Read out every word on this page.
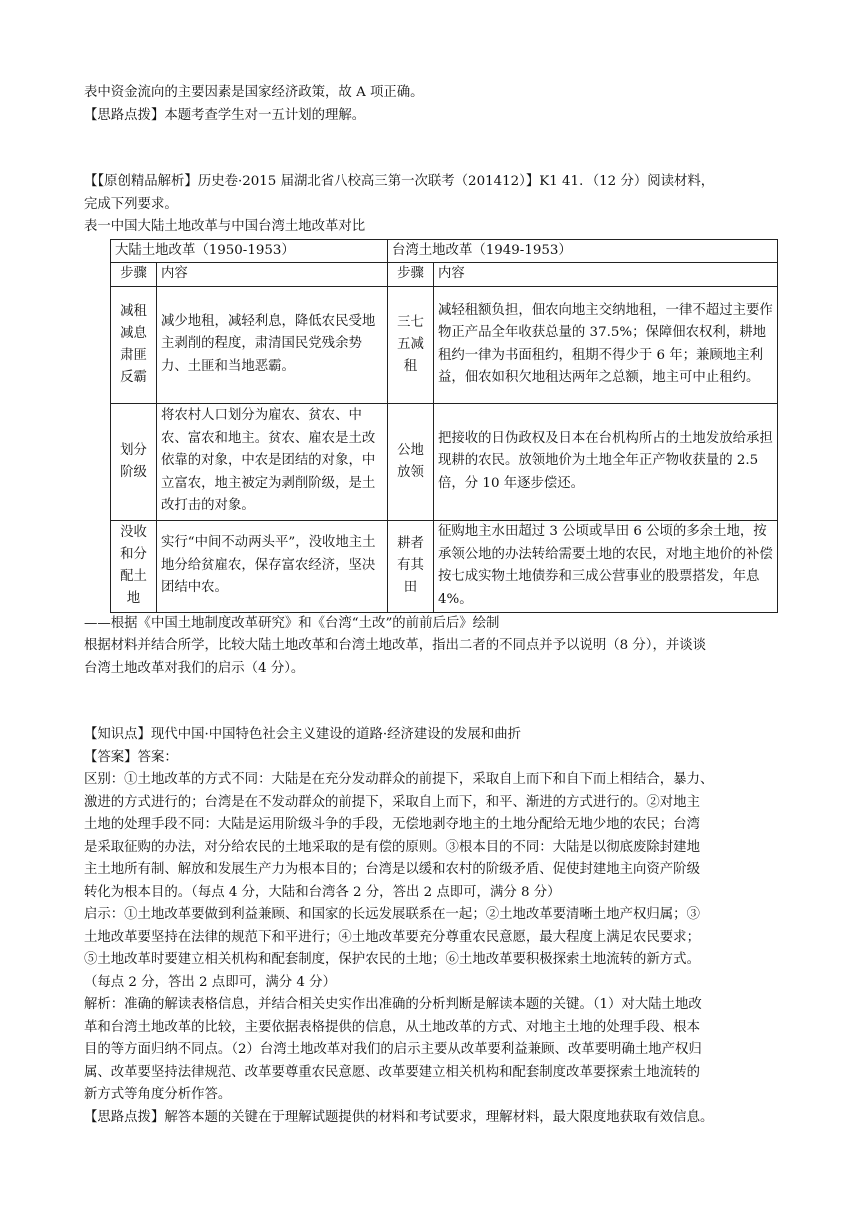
表中资金流向的主要因素是国家经济政策，故 A 项正确。

【思路点拨】本题考查学生对一五计划的理解。

【【原创精品解析】历史卷·2015 届湖北省八校高三第一次联考（201412）】K1 41．（12 分）阅读材料，

完成下列要求。

表一中国大陆土地改革与中国台湾土地改革对比

大陆土地改革（1950-1953）		台湾土地改革（1949-1953）	
步骤	内容	步骤	内容
减租减息肃匪反霸	减少地租，减轻利息，降低农民受地主剥削的程度，肃清国民党残余势力、土匪和当地恶霸。	三七五减租	减轻租额负担，佃农向地主交纳地租，一律不超过主要作物正产品全年收获总量的 37.5%；保障佃农权利，耕地租约一律为书面租约，租期不得少于 6 年；兼顾地主利益，佃农如积欠地租达两年之总额，地主可中止租约。
划分阶级	将农村人口划分为雇农、贫农、中农、富农和地主。贫农、雇农是土改依靠的对象，中农是团结的对象，中立富农，地主被定为剥削阶级，是土改打击的对象。	公地放领	把接收的日伪政权及日本在台机构所占的土地发放给承担现耕的农民。放领地价为土地全年正产物收获量的 2.5 倍，分 10 年逐步偿还。
没收和分配土地	实行“中间不动两头平”，没收地主土地分给贫雇农，保存富农经济，坚决团结中农。	耕者有其田	征购地主水田超过 3 公顷或旱田 6 公顷的多余土地，按承领公地的办法转给需要土地的农民，对地主地价的补偿按七成实物土地债券和三成公营事业的股票搭发，年息 4%。

——根据《中国土地制度改革研究》和《台湾“土改”的前前后后》绘制

根据材料并结合所学，比较大陆土地改革和台湾土地改革，指出二者的不同点并予以说明（8 分），并谈谈

台湾土地改革对我们的启示（4 分）。

【知识点】现代中国·中国特色社会主义建设的道路·经济建设的发展和曲折

【答案】答案：

区别：①土地改革的方式不同：大陆是在充分发动群众的前提下，采取自上而下和自下而上相结合，暴力、

激进的方式进行的；台湾是在不发动群众的前提下，采取自上而下，和平、渐进的方式进行的。②对地主

土地的处理手段不同：大陆是运用阶级斗争的手段，无偿地剥夺地主的土地分配给无地少地的农民；台湾

是采取征购的办法，对分给农民的土地采取的是有偿的原则。③根本目的不同：大陆是以彻底废除封建地

主土地所有制、解放和发展生产力为根本目的；台湾是以缓和农村的阶级矛盾、促使封建地主向资产阶级

转化为根本目的。（每点 4 分，大陆和台湾各 2 分，答出 2 点即可，满分 8 分）

启示：①土地改革要做到利益兼顾、和国家的长远发展联系在一起；②土地改革要清晰土地产权归属；③

土地改革要坚持在法律的规范下和平进行；④土地改革要充分尊重农民意愿，最大程度上满足农民要求；

⑤土地改革时要建立相关机构和配套制度，保护农民的土地；⑥土地改革要积极探索土地流转的新方式。

（每点 2 分，答出 2 点即可，满分 4 分）

解析：准确的解读表格信息，并结合相关史实作出准确的分析判断是解读本题的关键。（1）对大陆土地改

革和台湾土地改革的比较，主要依据表格提供的信息，从土地改革的方式、对地主土地的处理手段、根本

目的等方面归纳不同点。（2）台湾土地改革对我们的启示主要从改革要利益兼顾、改革要明确土地产权归

属、改革要坚持法律规范、改革要尊重农民意愿、改革要建立相关机构和配套制度改革要探索土地流转的

新方式等角度分析作答。

【思路点拨】解答本题的关键在于理解试题提供的材料和考试要求，理解材料，最大限度地获取有效信息。
